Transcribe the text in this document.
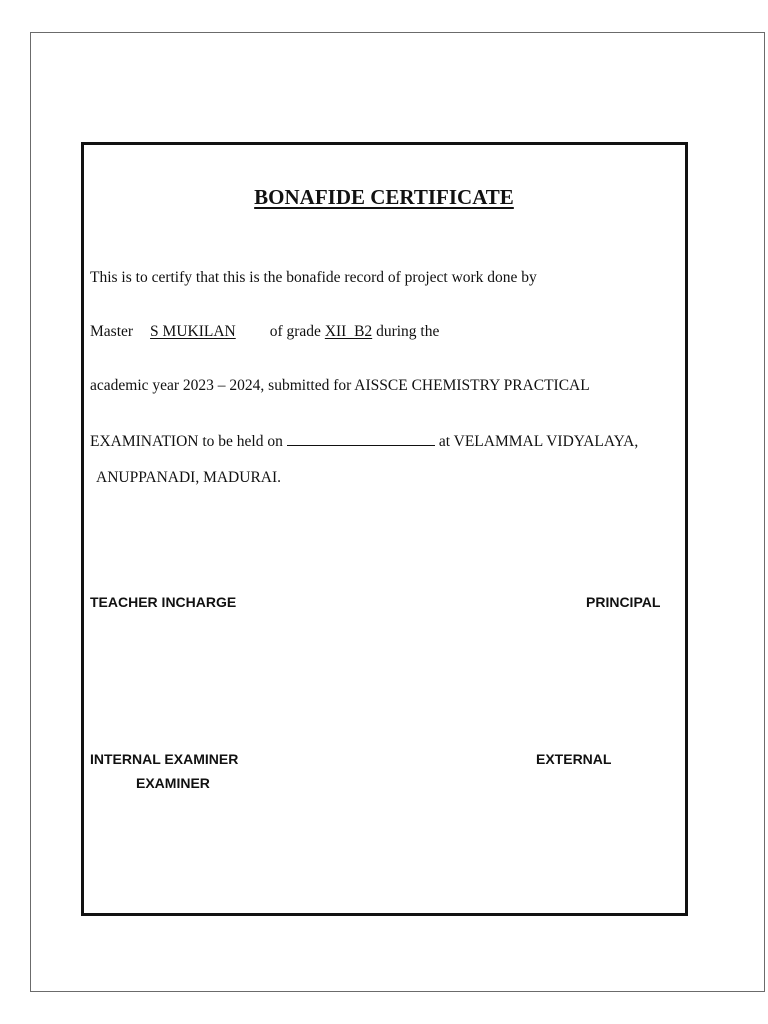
BONAFIDE CERTIFICATE
This is to certify that this is the bonafide record of project work done by
Master S MUKILAN of grade XII  B2 during the
academic year 2023 – 2024, submitted for AISSCE CHEMISTRY PRACTICAL
EXAMINATION to be held on	at VELAMMAL VIDYALAYA,
ANUPPANADI, MADURAI.
TEACHER INCHARGE	PRINCIPAL
INTERNAL EXAMINER	EXTERNAL
EXAMINER
